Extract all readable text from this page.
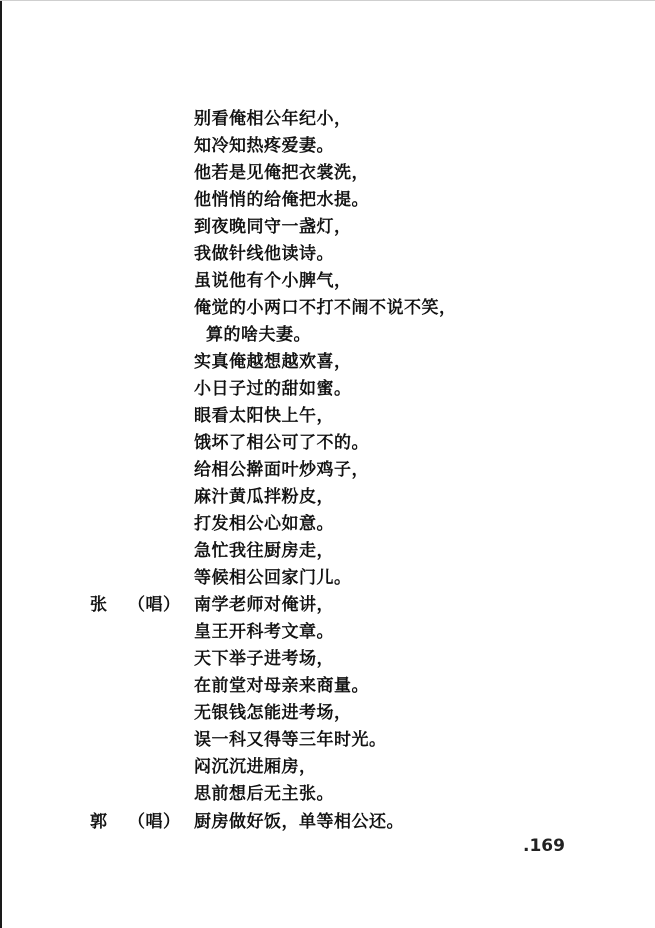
别看俺相公年纪小，
知冷知热疼爱妻。
他若是见俺把衣裳洗，
他悄悄的给俺把水提。
到夜晚同守一盏灯，
我做针线他读诗。
虽说他有个小脾气，
俺觉的小两口不打不闹不说不笑，
算的啥夫妻。
实真俺越想越欢喜，
小日子过的甜如蜜。
眼看太阳快上午，
饿坏了相公可了不的。
给相公擀面叶炒鸡子，
麻汁黄瓜拌粉皮，
打发相公心如意。
急忙我往厨房走，
等候相公回家门儿。
张 （唱） 南学老师对俺讲，
皇王开科考文章。
天下举子进考场，
在前堂对母亲来商量。
无银钱怎能进考场，
误一科又得等三年时光。
闷沉沉进厢房，
思前想后无主张。
郭 （唱） 厨房做好饭，单等相公还。
.169
